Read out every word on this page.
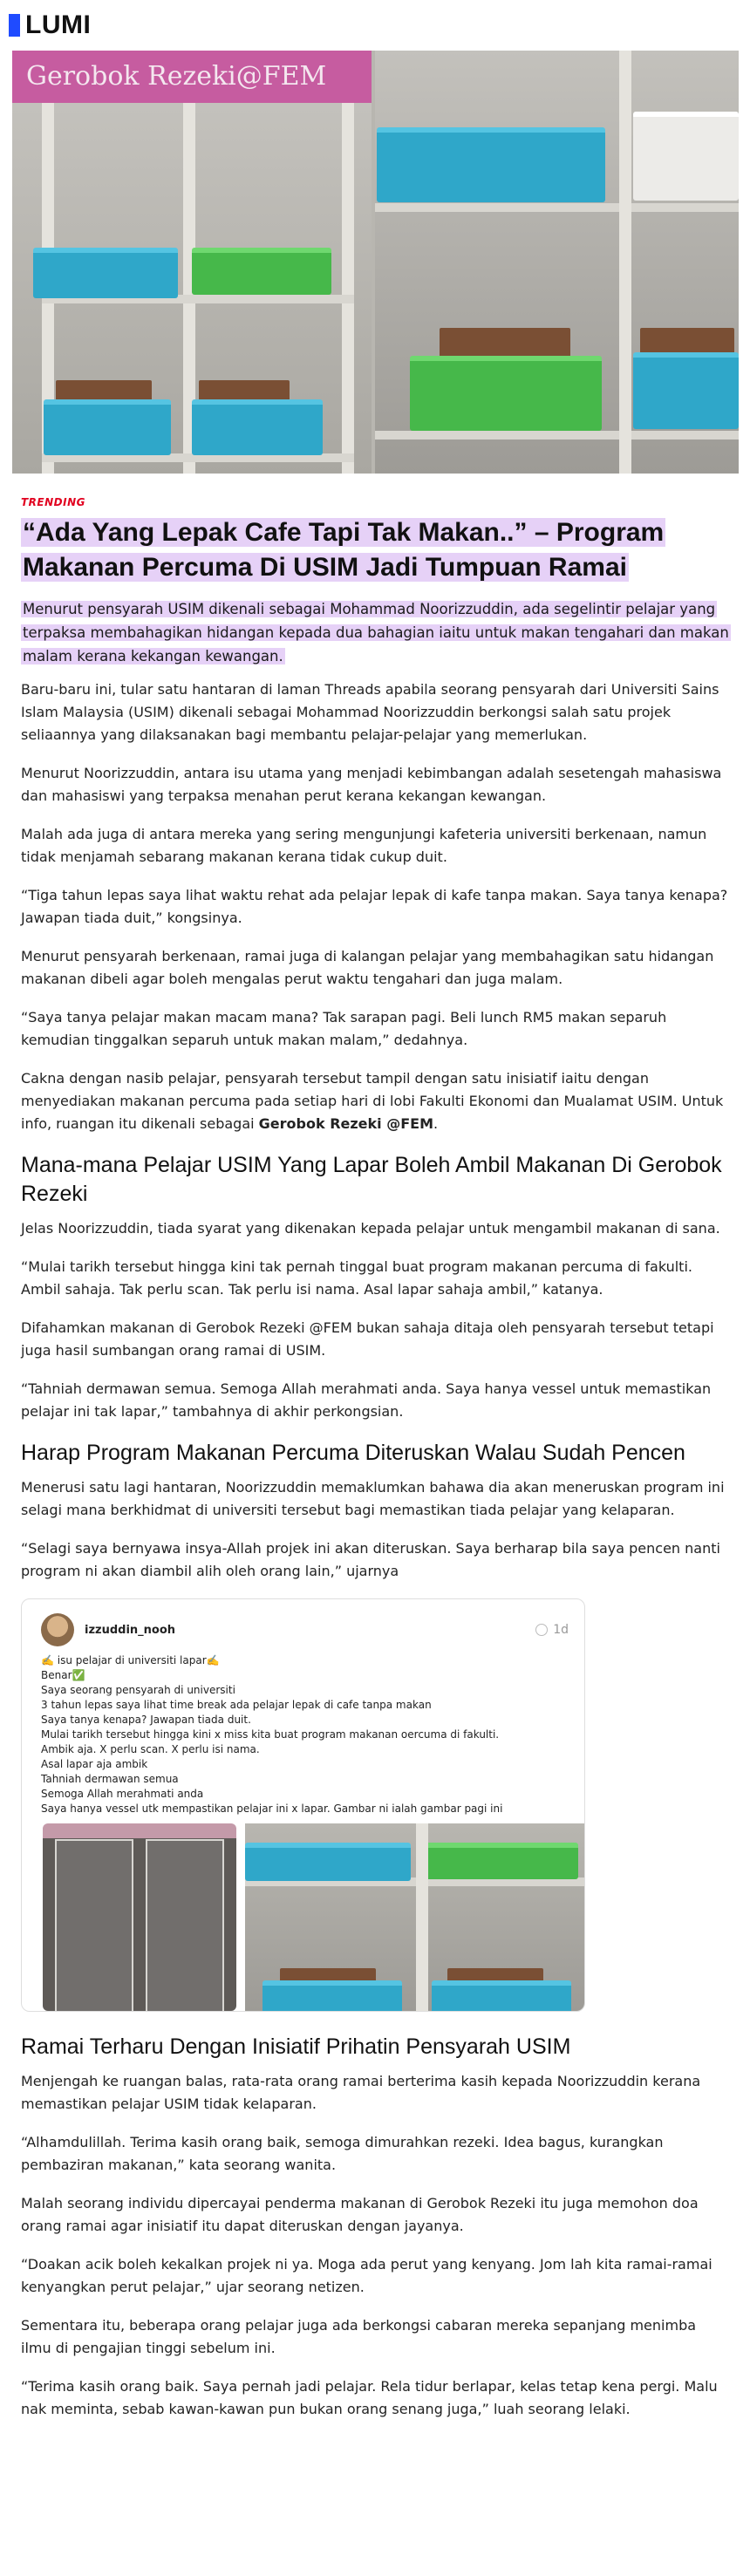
LUMI
Gerobok Rezeki@FEM
TRENDING
“Ada Yang Lepak Cafe Tapi Tak Makan..” – Program Makanan Percuma Di USIM Jadi Tumpuan Ramai
Menurut pensyarah USIM dikenali sebagai Mohammad Noorizzuddin, ada segelintir pelajar yang terpaksa membahagikan hidangan kepada dua bahagian iaitu untuk makan tengahari dan makan malam kerana kekangan kewangan.

Baru-baru ini, tular satu hantaran di laman Threads apabila seorang pensyarah dari Universiti Sains Islam Malaysia (USIM) dikenali sebagai Mohammad Noorizzuddin berkongsi salah satu projek seliaannya yang dilaksanakan bagi membantu pelajar-pelajar yang memerlukan.

Menurut Noorizzuddin, antara isu utama yang menjadi kebimbangan adalah sesetengah mahasiswa dan mahasiswi yang terpaksa menahan perut kerana kekangan kewangan.

Malah ada juga di antara mereka yang sering mengunjungi kafeteria universiti berkenaan, namun tidak menjamah sebarang makanan kerana tidak cukup duit.

“Tiga tahun lepas saya lihat waktu rehat ada pelajar lepak di kafe tanpa makan. Saya tanya kenapa? Jawapan tiada duit,” kongsinya.

Menurut pensyarah berkenaan, ramai juga di kalangan pelajar yang membahagikan satu hidangan makanan dibeli agar boleh mengalas perut waktu tengahari dan juga malam.

“Saya tanya pelajar makan macam mana? Tak sarapan pagi. Beli lunch RM5 makan separuh kemudian tinggalkan separuh untuk makan malam,” dedahnya.

Cakna dengan nasib pelajar, pensyarah tersebut tampil dengan satu inisiatif iaitu dengan menyediakan makanan percuma pada setiap hari di lobi Fakulti Ekonomi dan Mualamat USIM. Untuk info, ruangan itu dikenali sebagai Gerobok Rezeki @FEM.

Mana-mana Pelajar USIM Yang Lapar Boleh Ambil Makanan Di Gerobok Rezeki

Jelas Noorizzuddin, tiada syarat yang dikenakan kepada pelajar untuk mengambil makanan di sana.

“Mulai tarikh tersebut hingga kini tak pernah tinggal buat program makanan percuma di fakulti. Ambil sahaja. Tak perlu scan. Tak perlu isi nama. Asal lapar sahaja ambil,” katanya.

Difahamkan makanan di Gerobok Rezeki @FEM bukan sahaja ditaja oleh pensyarah tersebut tetapi juga hasil sumbangan orang ramai di USIM.

“Tahniah dermawan semua. Semoga Allah merahmati anda. Saya hanya vessel untuk memastikan pelajar ini tak lapar,” tambahnya di akhir perkongsian.

Harap Program Makanan Percuma Diteruskan Walau Sudah Pencen

Menerusi satu lagi hantaran, Noorizzuddin memaklumkan bahawa dia akan meneruskan program ini selagi mana berkhidmat di universiti tersebut bagi memastikan tiada pelajar yang kelaparan.

“Selagi saya bernyawa insya-Allah projek ini akan diteruskan. Saya berharap bila saya pencen nanti program ni akan diambil alih oleh orang lain,” ujarnya

izzuddin_nooh	1d
✍️ isu pelajar di universiti lapar✍️
Benar✅
Saya seorang pensyarah di universiti
3 tahun lepas saya lihat time break ada pelajar lepak di cafe tanpa makan
Saya tanya kenapa? Jawapan tiada duit.
Mulai tarikh tersebut hingga kini x miss kita buat program makanan oercuma di fakulti.
Ambik aja. X perlu scan. X perlu isi nama.
Asal lapar aja ambik
Tahniah dermawan semua
Semoga Allah merahmati anda
Saya hanya vessel utk mempastikan pelajar ini x lapar. Gambar ni ialah gambar pagi ini
Ramai Terharu Dengan Inisiatif Prihatin Pensyarah USIM

Menjengah ke ruangan balas, rata-rata orang ramai berterima kasih kepada Noorizzuddin kerana memastikan pelajar USIM tidak kelaparan.

“Alhamdulillah. Terima kasih orang baik, semoga dimurahkan rezeki. Idea bagus, kurangkan pembaziran makanan,” kata seorang wanita.

Malah seorang individu dipercayai penderma makanan di Gerobok Rezeki itu juga memohon doa orang ramai agar inisiatif itu dapat diteruskan dengan jayanya.

“Doakan acik boleh kekalkan projek ni ya. Moga ada perut yang kenyang. Jom lah kita ramai-ramai kenyangkan perut pelajar,” ujar seorang netizen.

Sementara itu, beberapa orang pelajar juga ada berkongsi cabaran mereka sepanjang menimba ilmu di pengajian tinggi sebelum ini.

“Terima kasih orang baik. Saya pernah jadi pelajar. Rela tidur berlapar, kelas tetap kena pergi. Malu nak meminta, sebab kawan-kawan pun bukan orang senang juga,” luah seorang lelaki.
